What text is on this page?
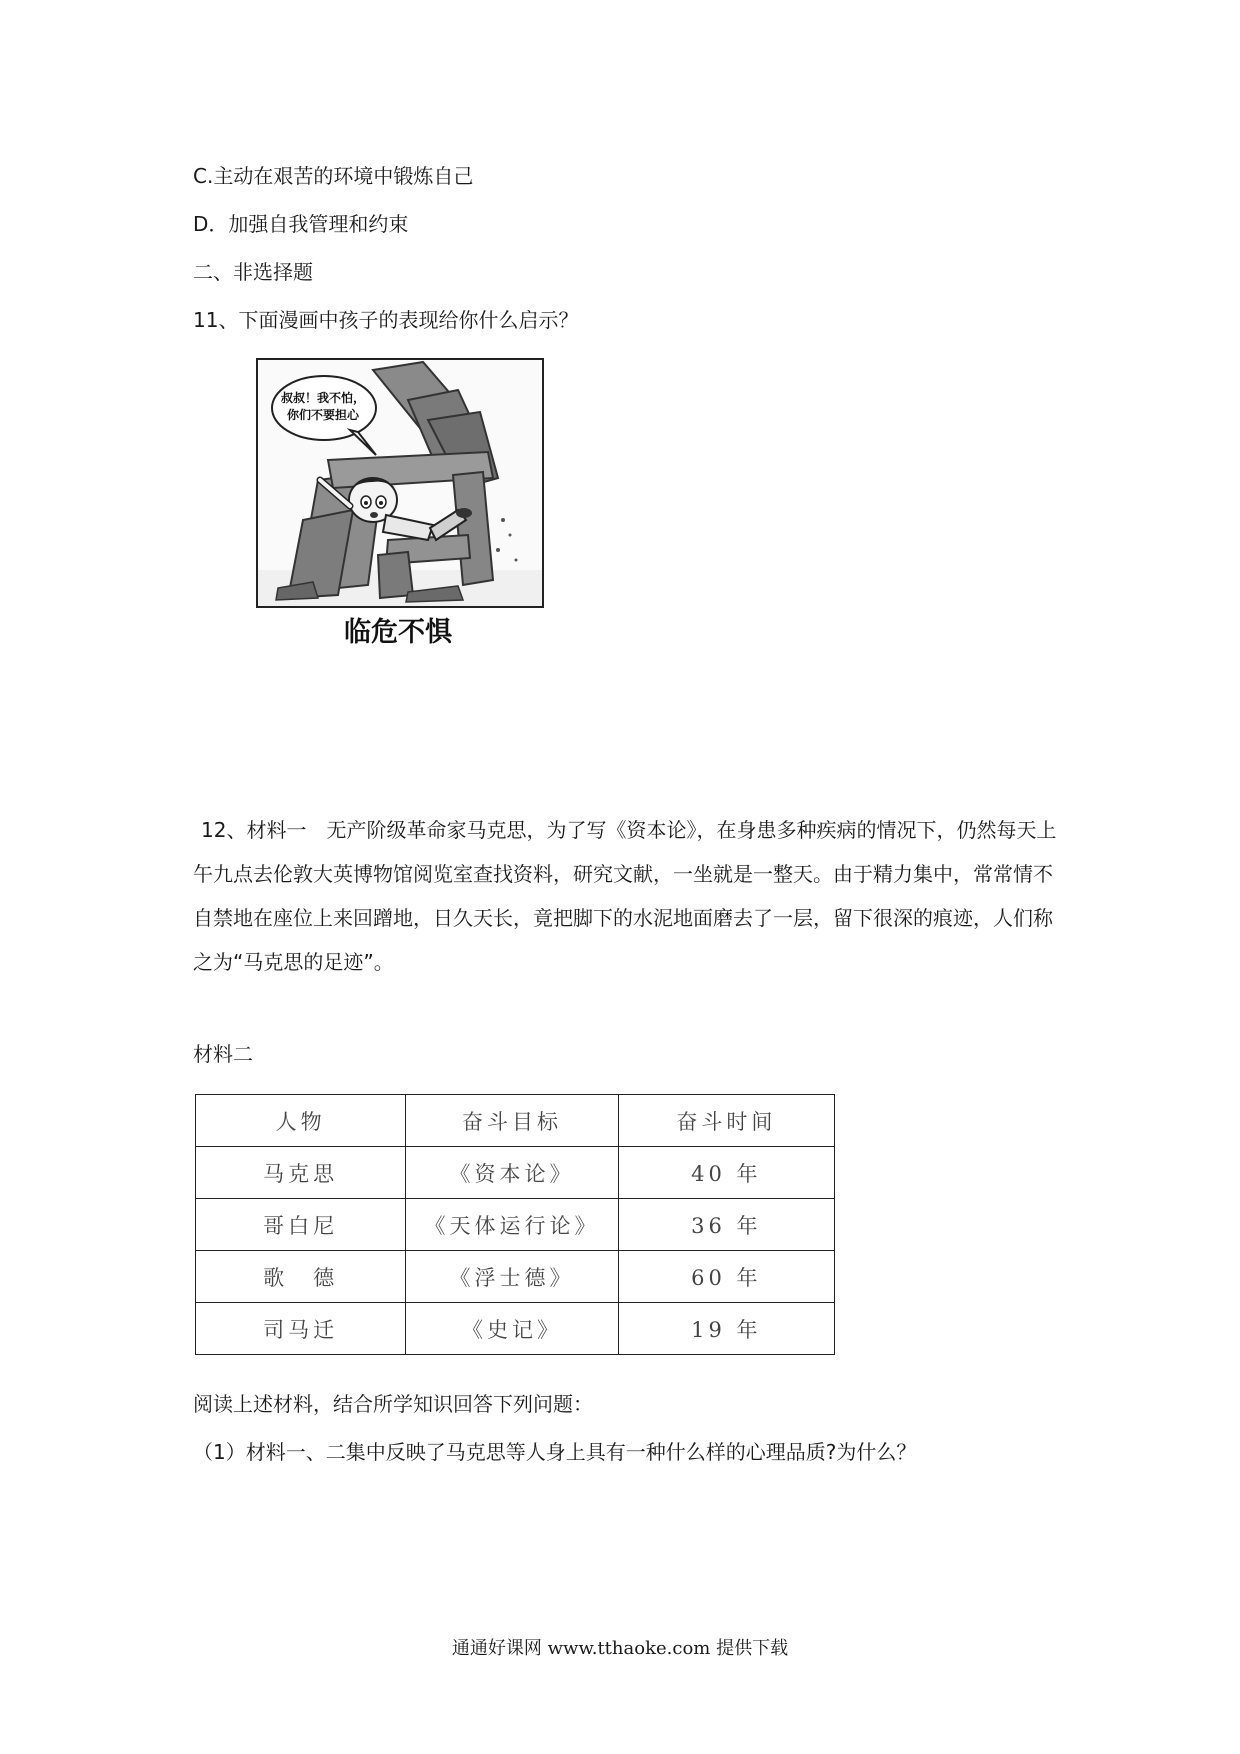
C.主动在艰苦的环境中锻炼自己
D．加强自我管理和约束
二、非选择题
11、下面漫画中孩子的表现给你什么启示？
叔叔！我不怕，
你们不要担心
临危不惧
12、材料一　无产阶级革命家马克思，为了写《资本论》，在身患多种疾病的情况下，仍然每天上午九点去伦敦大英博物馆阅览室查找资料，研究文献，一坐就是一整天。由于精力集中，常常情不自禁地在座位上来回蹭地，日久天长，竟把脚下的水泥地面磨去了一层，留下很深的痕迹，人们称之为“马克思的足迹”。
材料二
人物	奋斗目标	奋斗时间
马克思	《资本论》	40 年
哥白尼	《天体运行论》	36 年
歌　德	《浮士德》	60 年
司马迁	《史记》	19 年
阅读上述材料，结合所学知识回答下列问题：
（1）材料一、二集中反映了马克思等人身上具有一种什么样的心理品质?为什么？
通通好课网 www.tthaoke.com 提供下载
